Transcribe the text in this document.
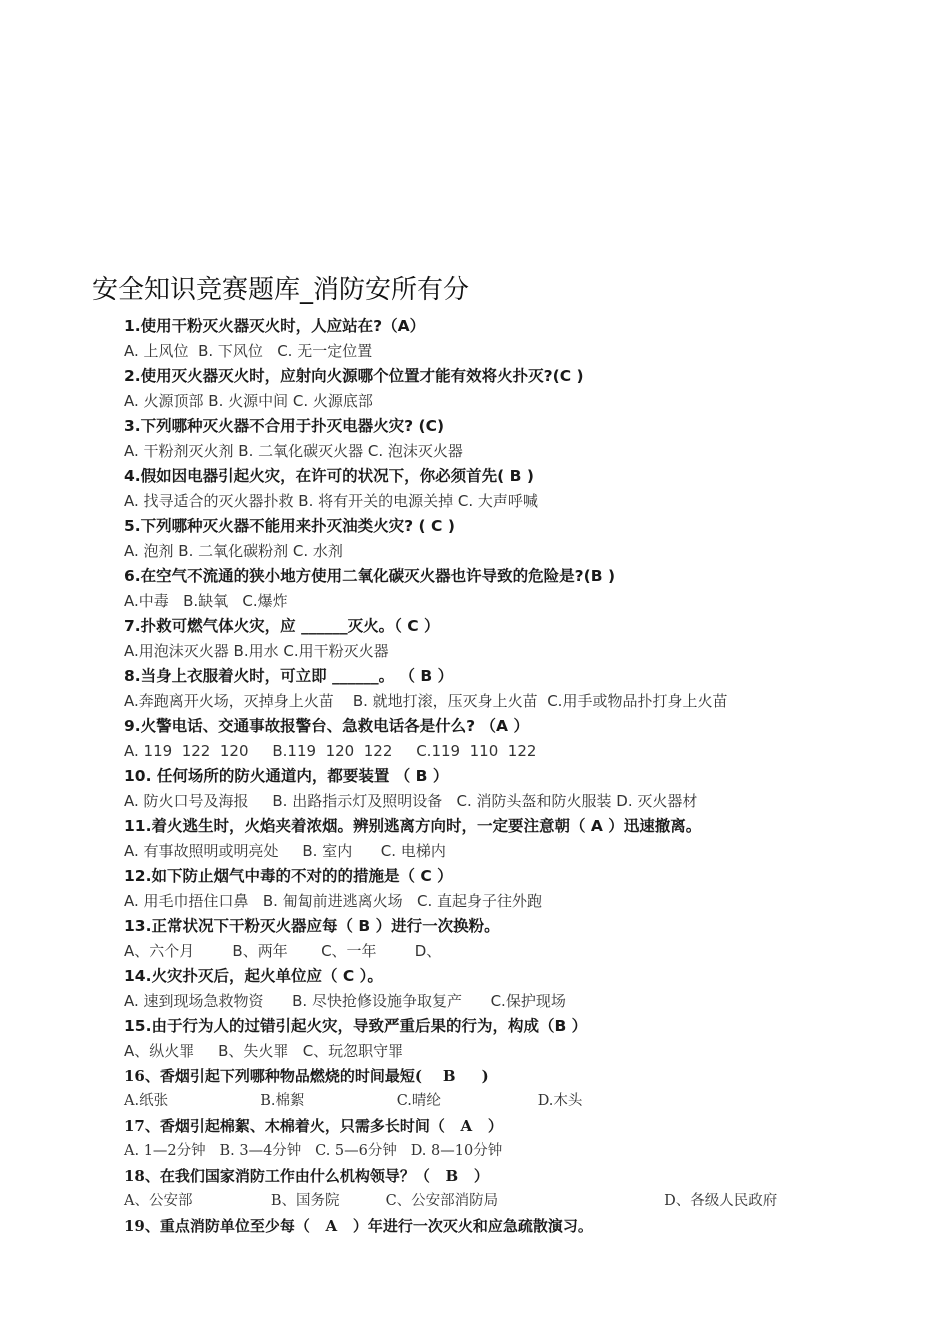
安全知识竞赛题库_消防安所有分
1.使用干粉灭火器灭火时，人应站在?（A）
A. 上风位  B. 下风位   C. 无一定位置
2.使用灭火器灭火时，应射向火源哪个位置才能有效将火扑灭?(C )
A. 火源顶部 B. 火源中间 C. 火源底部
3.下列哪种灭火器不合用于扑灭电器火灾? (C)
A. 干粉剂灭火剂 B. 二氧化碳灭火器 C. 泡沫灭火器
4.假如因电器引起火灾，在许可的状况下，你必须首先( B )
A. 找寻适合的灭火器扑救 B. 将有开关的电源关掉 C. 大声呼喊
5.下列哪种灭火器不能用来扑灭油类火灾? ( C )
A. 泡剂 B. 二氧化碳粉剂 C. 水剂
6.在空气不流通的狭小地方使用二氧化碳灭火器也许导致的危险是?(B )
A.中毒   B.缺氧   C.爆炸
7.扑救可燃气体火灾，应 ______灭火。（ C ）
A.用泡沫灭火器 B.用水 C.用干粉灭火器
8.当身上衣服着火时，可立即 ______。 （ B ）
A.奔跑离开火场，灭掉身上火苗    B. 就地打滚，压灭身上火苗  C.用手或物品扑打身上火苗
9.火警电话、交通事故报警台、急救电话各是什么? （A ）
A. 119  122  120     B.119  120  122     C.119  110  122
10. 任何场所的防火通道内，都要装置 （ B ）
A. 防火口号及海报     B. 出路指示灯及照明设备   C. 消防头盔和防火服装 D. 灭火器材
11.着火逃生时，火焰夹着浓烟。辨别逃离方向时，一定要注意朝（ A ）迅速撤离。
A. 有事故照明或明亮处     B. 室内      C. 电梯内
12.如下防止烟气中毒的不对的的措施是（ C ）
A. 用毛巾捂住口鼻   B. 匍匐前进逃离火场   C. 直起身子往外跑
13.正常状况下干粉灭火器应每（ B ）进行一次换粉。
A、六个月        B、两年       C、一年        D、
14.火灾扑灭后，起火单位应（ C ）。
A. 速到现场急救物资      B. 尽快抢修设施争取复产      C.保护现场
15.由于行为人的过错引起火灾，导致严重后果的行为，构成（B ）
A、纵火罪     B、失火罪   C、玩忽职守罪
16、香烟引起下列哪种物品燃烧的时间最短(    B     )
A.纸张                    B.棉絮                    C.晴纶                     D.木头
17、香烟引起棉絮、木棉着火，只需多长时间（   A   ）
A. 1—2分钟   B. 3—4分钟   C. 5—6分钟   D. 8—10分钟
18、在我们国家消防工作由什么机构领导？（   B   ）
A、公安部                 B、国务院          C、公安部消防局                                    D、各级人民政府
19、重点消防单位至少每（   A   ）年进行一次灭火和应急疏散演习。
